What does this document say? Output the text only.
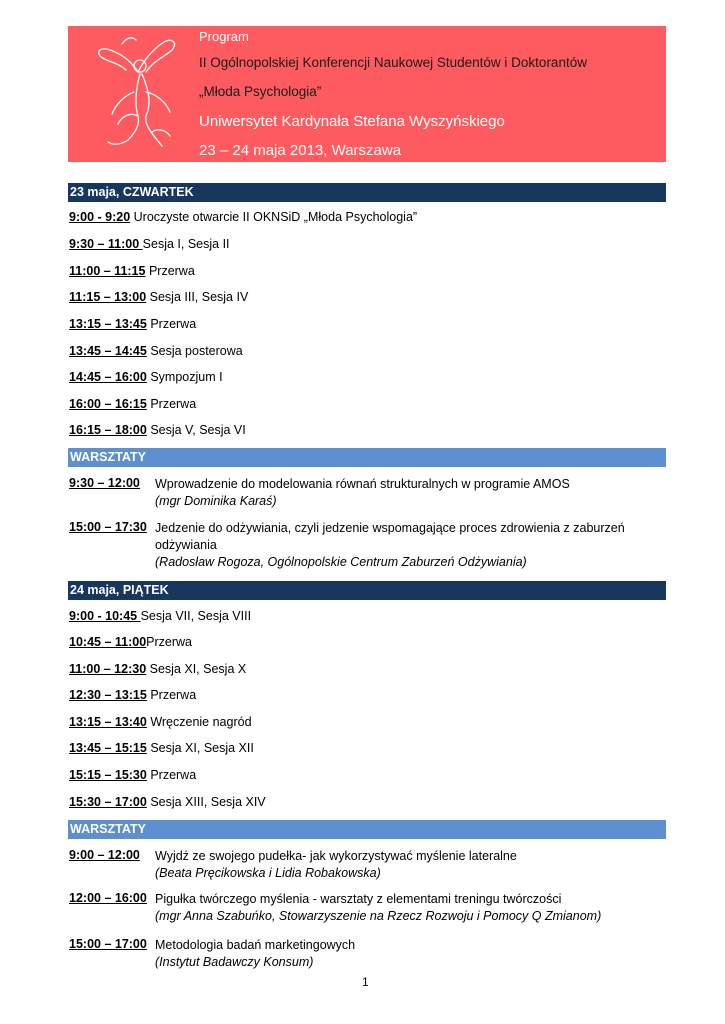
Program
II Ogólnopolskiej Konferencji Naukowej Studentów i Doktorantów
„Młoda Psychologia”
Uniwersytet Kardynała Stefana Wyszyńskiego
23 – 24 maja 2013, Warszawa
23 maja, CZWARTEK
9:00 - 9:20 Uroczyste otwarcie II OKNSiD „Młoda Psychologia”
9:30 – 11:00 Sesja I, Sesja II
11:00 – 11:15 Przerwa
11:15 – 13:00 Sesja III, Sesja IV
13:15 – 13:45 Przerwa
13:45 – 14:45 Sesja posterowa
14:45 – 16:00 Sympozjum I
16:00 – 16:15 Przerwa
16:15 – 18:00 Sesja V, Sesja VI
WARSZTATY
9:30 – 12:00 Wprowadzenie do modelowania równań strukturalnych w programie AMOS
(mgr Dominika Karaś)
15:00 – 17:30 Jedzenie do odżywiania, czyli jedzenie wspomagające proces zdrowienia z zaburzeń
odżywiania
(Radosław Rogoza, Ogólnopolskie Centrum Zaburzeń Odżywiania)
24 maja, PIĄTEK
9:00 - 10:45 Sesja VII, Sesja VIII
10:45 – 11:00Przerwa
11:00 – 12:30 Sesja XI, Sesja X
12:30 – 13:15 Przerwa
13:15 – 13:40 Wręczenie nagród
13:45 – 15:15 Sesja XI, Sesja XII
15:15 – 15:30 Przerwa
15:30 – 17:00 Sesja XIII, Sesja XIV
WARSZTATY
9:00 – 12:00 Wyjdź ze swojego pudełka- jak wykorzystywać myślenie lateralne
(Beata Pręcikowska i Lidia Robakowska)
12:00 – 16:00 Pigułka twórczego myślenia - warsztaty z elementami treningu twórczości
(mgr Anna Szabuńko, Stowarzyszenie na Rzecz Rozwoju i Pomocy Q Zmianom)
15:00 – 17:00 Metodologia badań marketingowych
(Instytut Badawczy Konsum)
1
